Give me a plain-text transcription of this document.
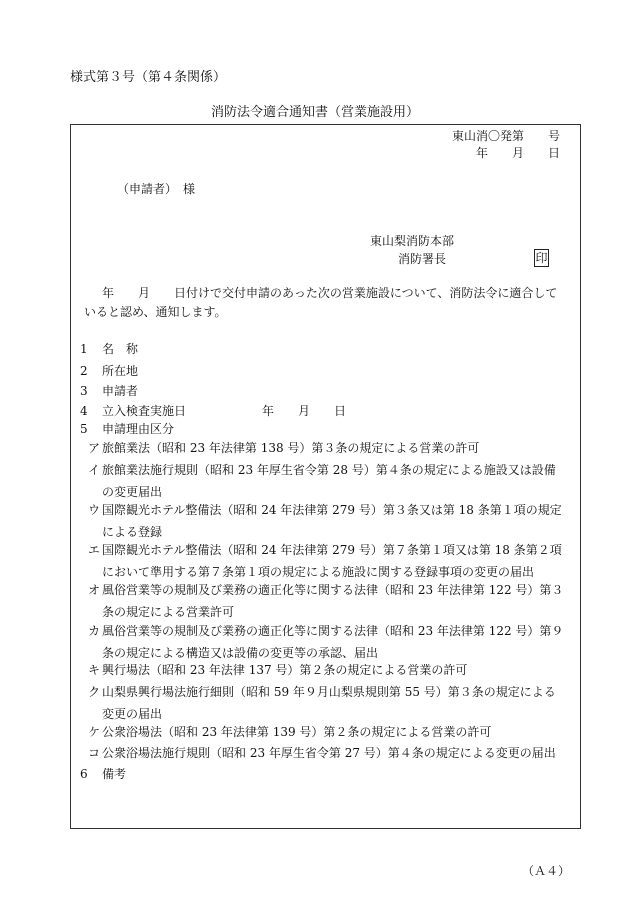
様式第３号（第４条関係）
消防法令適合通知書（営業施設用）
東山消〇発第　　号
年　　月　　日
（申請者）　様
東山梨消防本部
消防署長	印
年　　月　　日付けで交付申請のあった次の営業施設について、消防法令に適合して
いると認め、通知します。
1 名　称
2 所在地
3 申請者
4 立入検査実施日	年　　月　　日
5 申請理由区分
ア 旅館業法（昭和 23 年法律第 138 号）第３条の規定による営業の許可
イ 旅館業法施行規則（昭和 23 年厚生省令第 28 号）第４条の規定による施設又は設備
の変更届出
ウ 国際観光ホテル整備法（昭和 24 年法律第 279 号）第３条又は第 18 条第１項の規定
による登録
エ 国際観光ホテル整備法（昭和 24 年法律第 279 号）第７条第１項又は第 18 条第２項
において準用する第７条第１項の規定による施設に関する登録事項の変更の届出
オ 風俗営業等の規制及び業務の適正化等に関する法律（昭和 23 年法律第 122 号）第３
条の規定による営業許可
カ 風俗営業等の規制及び業務の適正化等に関する法律（昭和 23 年法律第 122 号）第９
条の規定による構造又は設備の変更等の承認、届出
キ 興行場法（昭和 23 年法律 137 号）第２条の規定による営業の許可
ク 山梨県興行場法施行細則（昭和 59 年９月山梨県規則第 55 号）第３条の規定による
変更の届出
ケ 公衆浴場法（昭和 23 年法律第 139 号）第２条の規定による営業の許可
コ 公衆浴場法施行規則（昭和 23 年厚生省令第 27 号）第４条の規定による変更の届出
6 備考
（Ａ４）
